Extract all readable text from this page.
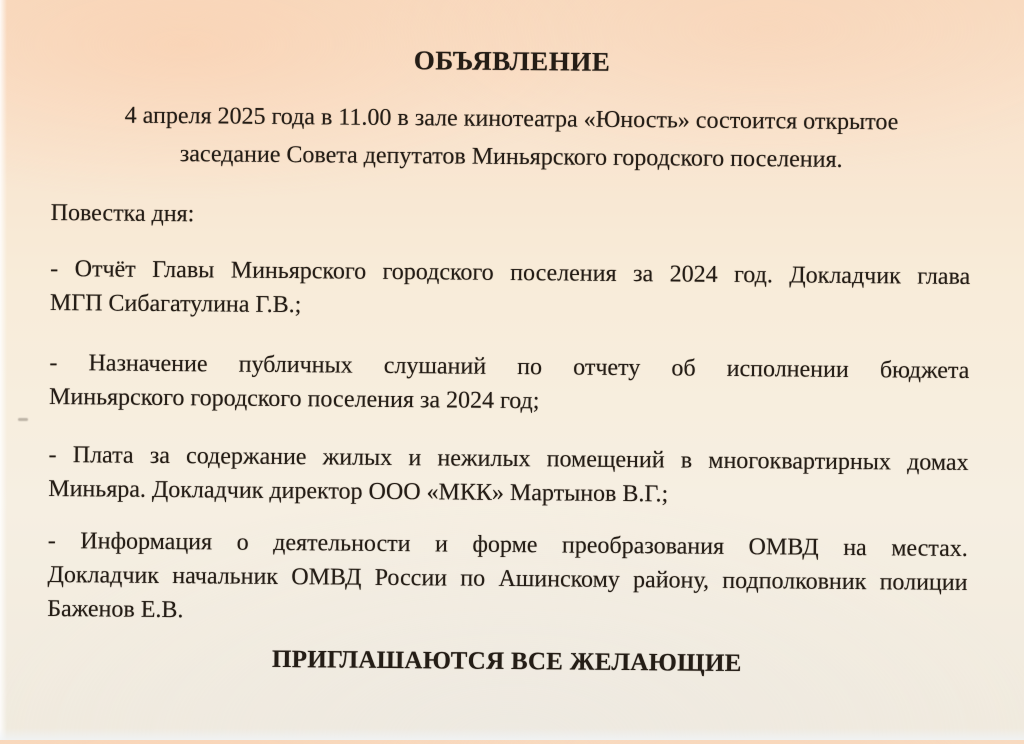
ОБЪЯВЛЕНИЕ

4 апреля 2025 года в 11.00 в зале кинотеатра «Юность» состоится открытое
заседание Совета депутатов Миньярского городского поселения.

Повестка дня:

- Отчёт Главы Миньярского городского поселения за 2024 год. Докладчик глава
МГП Сибагатулина Г.В.;
- Назначение публичных слушаний по отчету об исполнении бюджета
Миньярского городского поселения за 2024 год;
- Плата за содержание жилых и нежилых помещений в многоквартирных домах
Миньяра. Докладчик директор ООО «МКК» Мартынов В.Г.;
- Информация о деятельности и форме преобразования ОМВД на местах.
Докладчик начальник ОМВД России по Ашинскому району, подполковник полиции
Баженов Е.В.

ПРИГЛАШАЮТСЯ ВСЕ ЖЕЛАЮЩИЕ
